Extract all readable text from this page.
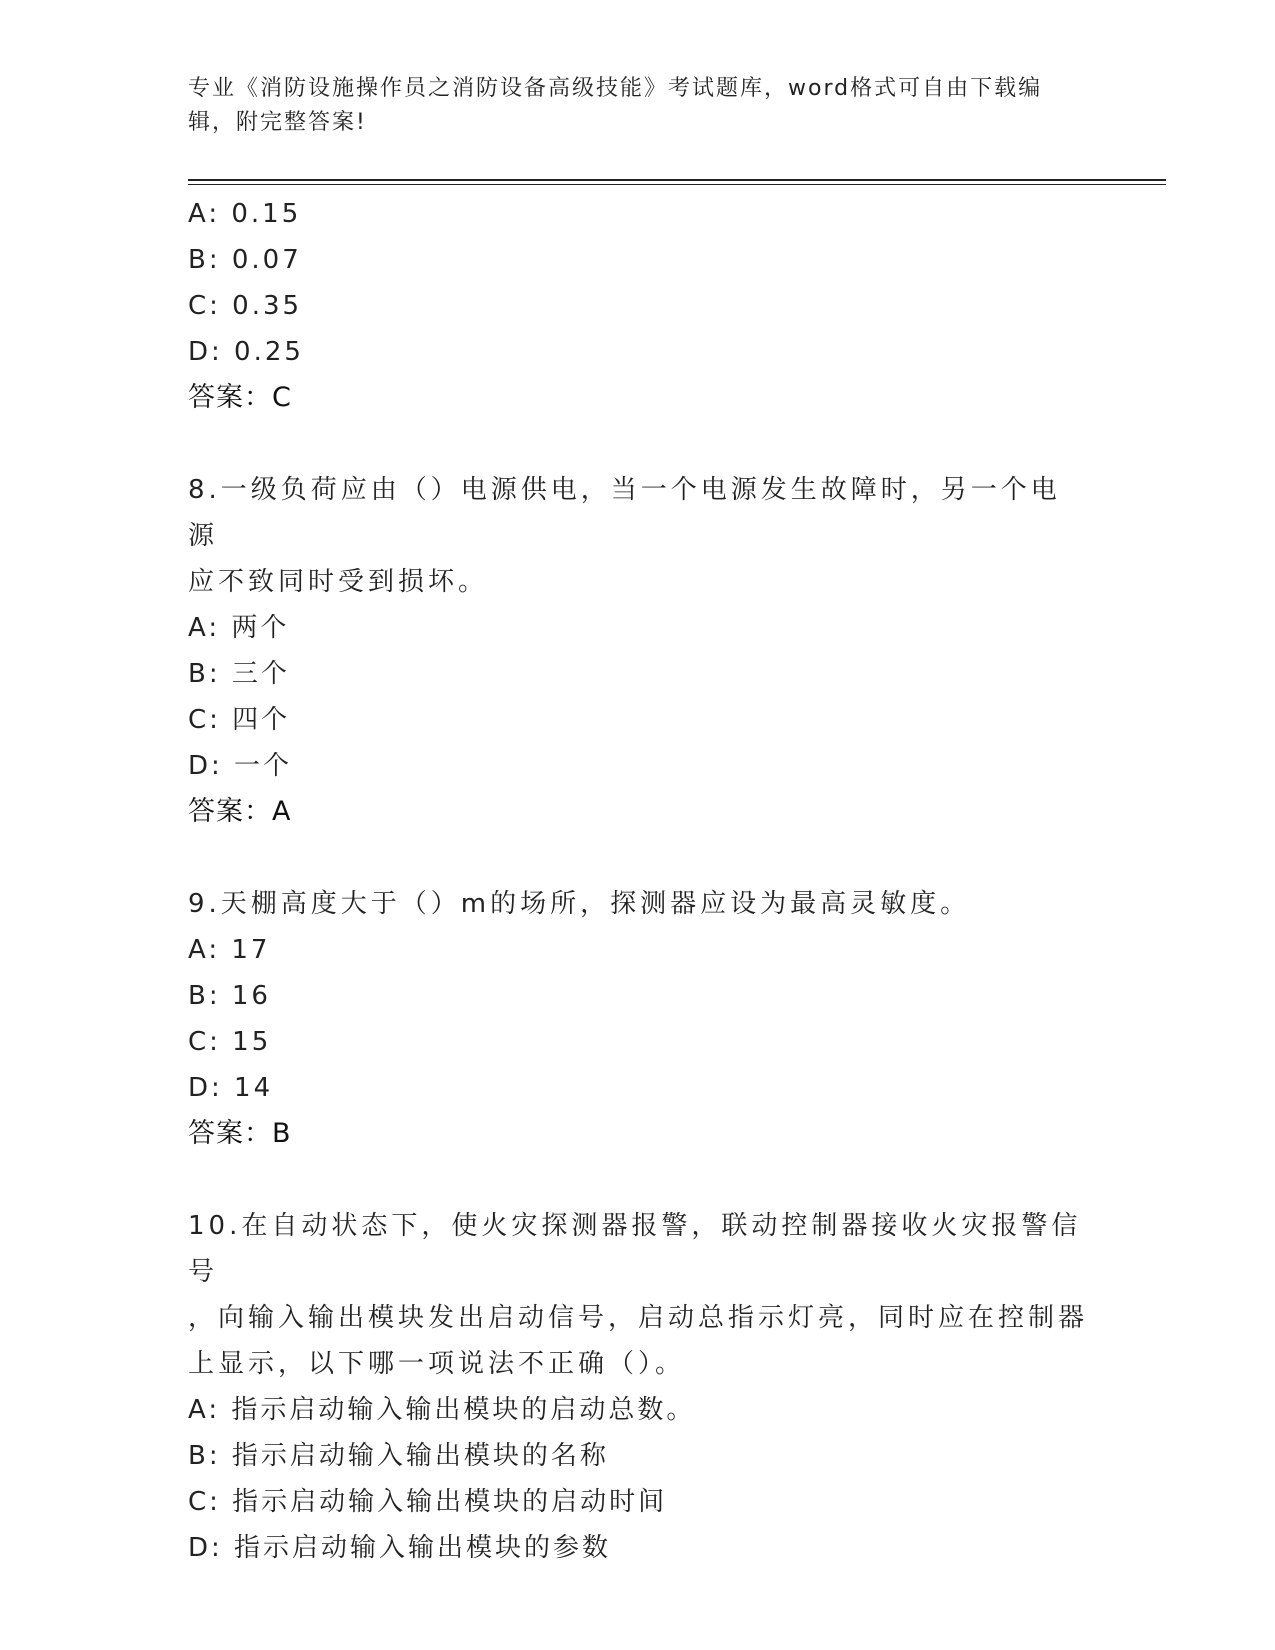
专业《消防设施操作员之消防设备高级技能》考试题库，word格式可自由下载编
辑，附完整答案!
A: 0.15
B: 0.07
C: 0.35
D: 0.25
答案：C
8.一级负荷应由（）电源供电，当一个电源发生故障时，另一个电源
应不致同时受到损坏。
A: 两个
B: 三个
C: 四个
D: 一个
答案：A
9.天棚高度大于（）m的场所，探测器应设为最高灵敏度。
A: 17
B: 16
C: 15
D: 14
答案：B
10.在自动状态下，使火灾探测器报警，联动控制器接收火灾报警信号
，向输入输出模块发出启动信号，启动总指示灯亮，同时应在控制器
上显示，以下哪一项说法不正确（）。
A: 指示启动输入输出模块的启动总数。
B: 指示启动输入输出模块的名称
C: 指示启动输入输出模块的启动时间
D: 指示启动输入输出模块的参数
